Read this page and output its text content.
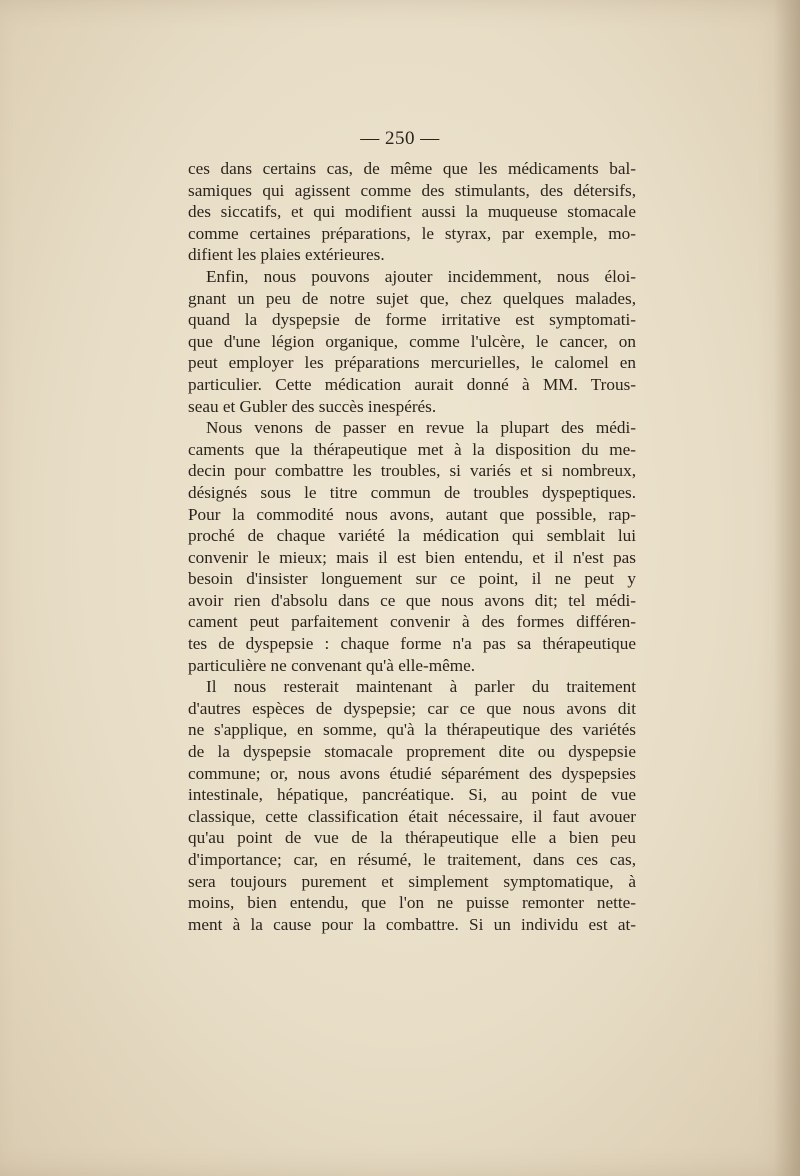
— 250 —
ces dans certains cas, de même que les médicaments bal-
samiques qui agissent comme des stimulants, des détersifs,
des siccatifs, et qui modifient aussi la muqueuse stomacale
comme certaines préparations, le styrax, par exemple, mo-
difient les plaies extérieures.
Enfin, nous pouvons ajouter incidemment, nous éloi-
gnant un peu de notre sujet que, chez quelques malades,
quand la dyspepsie de forme irritative est symptomati-
que d'une légion organique, comme l'ulcère, le cancer, on
peut employer les préparations mercurielles, le calomel en
particulier. Cette médication aurait donné à MM. Trous-
seau et Gubler des succès inespérés.
Nous venons de passer en revue la plupart des médi-
caments que la thérapeutique met à la disposition du me-
decin pour combattre les troubles, si variés et si nombreux,
désignés sous le titre commun de troubles dyspeptiques.
Pour la commodité nous avons, autant que possible, rap-
proché de chaque variété la médication qui semblait lui
convenir le mieux; mais il est bien entendu, et il n'est pas
besoin d'insister longuement sur ce point, il ne peut y
avoir rien d'absolu dans ce que nous avons dit; tel médi-
cament peut parfaitement convenir à des formes différen-
tes de dyspepsie : chaque forme n'a pas sa thérapeutique
particulière ne convenant qu'à elle-même.
Il nous resterait maintenant à parler du traitement
d'autres espèces de dyspepsie; car ce que nous avons dit
ne s'applique, en somme, qu'à la thérapeutique des variétés
de la dyspepsie stomacale proprement dite ou dyspepsie
commune; or, nous avons étudié séparément des dyspepsies
intestinale, hépatique, pancréatique. Si, au point de vue
classique, cette classification était nécessaire, il faut avouer
qu'au point de vue de la thérapeutique elle a bien peu
d'importance; car, en résumé, le traitement, dans ces cas,
sera toujours purement et simplement symptomatique, à
moins, bien entendu, que l'on ne puisse remonter nette-
ment à la cause pour la combattre. Si un individu est at-
